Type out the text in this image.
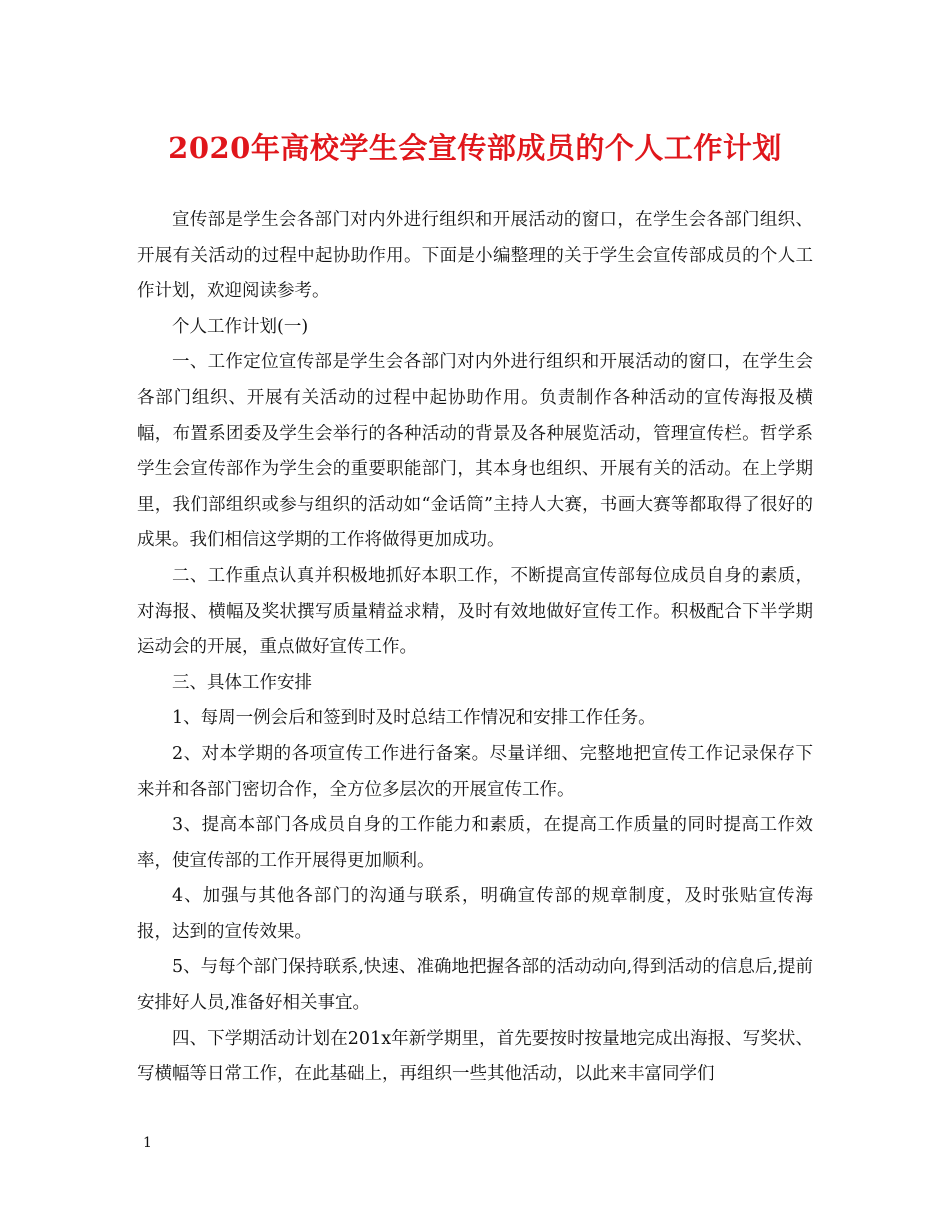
2020年高校学生会宣传部成员的个人工作计划

宣传部是学生会各部门对内外进行组织和开展活动的窗口，在学生会各部门组织、开展有关活动的过程中起协助作用。下面是小编整理的关于学生会宣传部成员的个人工作计划，欢迎阅读参考。

个人工作计划(一)

一、工作定位宣传部是学生会各部门对内外进行组织和开展活动的窗口，在学生会各部门组织、开展有关活动的过程中起协助作用。负责制作各种活动的宣传海报及横幅，布置系团委及学生会举行的各种活动的背景及各种展览活动，管理宣传栏。哲学系学生会宣传部作为学生会的重要职能部门，其本身也组织、开展有关的活动。在上学期里，我们部组织或参与组织的活动如“金话筒”主持人大赛，书画大赛等都取得了很好的成果。我们相信这学期的工作将做得更加成功。

二、工作重点认真并积极地抓好本职工作，不断提高宣传部每位成员自身的素质，对海报、横幅及奖状撰写质量精益求精，及时有效地做好宣传工作。积极配合下半学期运动会的开展，重点做好宣传工作。

三、具体工作安排

1、每周一例会后和签到时及时总结工作情况和安排工作任务。

2、对本学期的各项宣传工作进行备案。尽量详细、完整地把宣传工作记录保存下来并和各部门密切合作，全方位多层次的开展宣传工作。

3、提高本部门各成员自身的工作能力和素质，在提高工作质量的同时提高工作效率，使宣传部的工作开展得更加顺利。

4、加强与其他各部门的沟通与联系，明确宣传部的规章制度，及时张贴宣传海报，达到的宣传效果。

5、与每个部门保持联系,快速、准确地把握各部的活动动向,得到活动的信息后,提前安排好人员,准备好相关事宜。

四、下学期活动计划在201x年新学期里，首先要按时按量地完成出海报、写奖状、写横幅等日常工作，在此基础上，再组织一些其他活动，以此来丰富同学们

1
